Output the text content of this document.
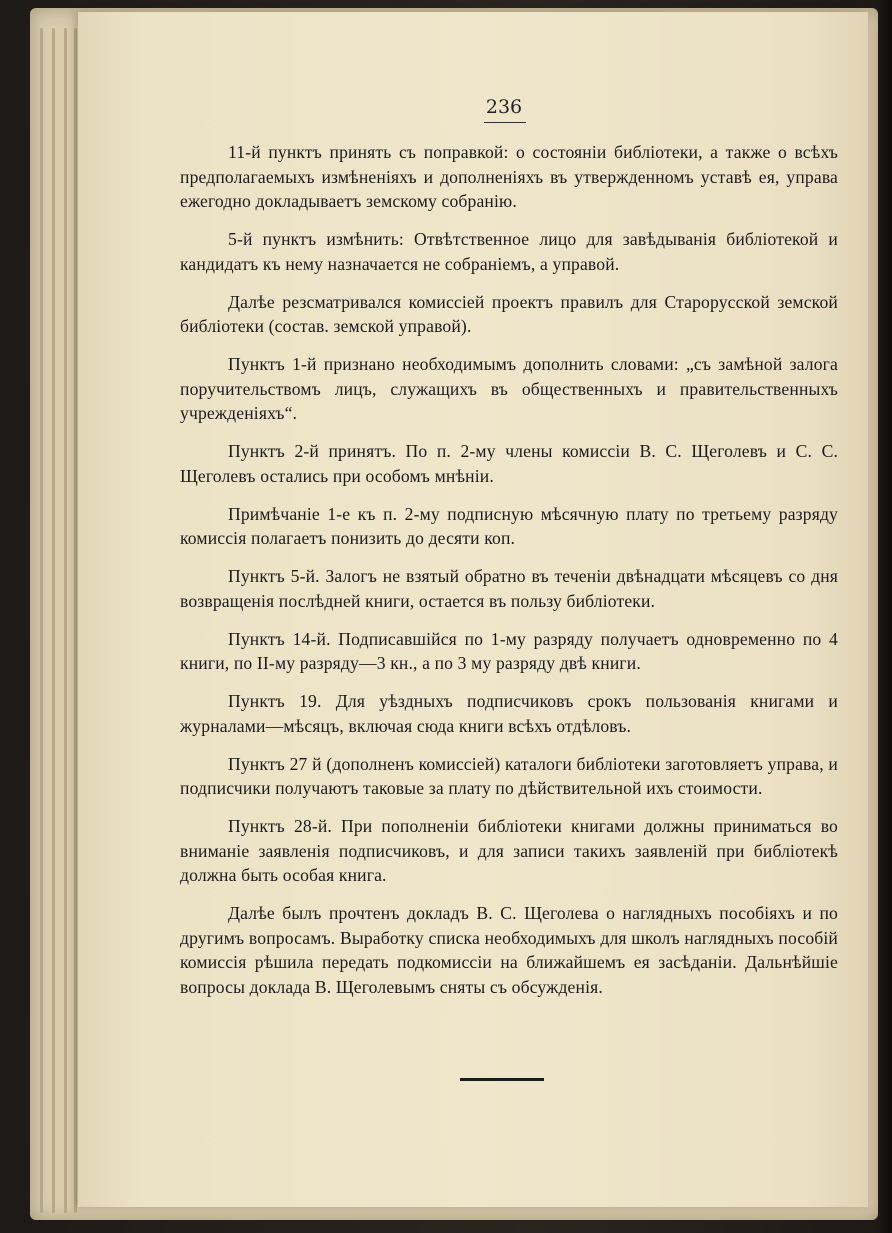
236

11-й пунктъ принять съ поправкой: о состоянiи библiотеки, а также о всѣхъ предполагаемыхъ измѣненiяхъ и дополненiяхъ въ утвержденномъ уставѣ ея, управа ежегодно докладываетъ земскому собранiю.

5-й пунктъ измѣнить: Отвѣтственное лицо для завѣдыванiя библiотекой и кандидатъ къ нему назначается не собранiемъ, а управой.

Далѣе резсматривался комиссiей проектъ правилъ для Старорусской земской библiотеки (состав. земской управой).

Пунктъ 1-й признано необходимымъ дополнить словами: „съ замѣной залога поручительствомъ лицъ, служащихъ въ общественныхъ и правительственныхъ учрежденiяхъ“.

Пунктъ 2-й принятъ. По п. 2-му члены комиссiи В. С. Щеголевъ и С. С. Щеголевъ остались при особомъ мнѣнiи.

Примѣчанiе 1-е къ п. 2-му подписную мѣсячную плату по третьему разряду комиссiя полагаетъ понизить до десяти коп.

Пунктъ 5-й. Залогъ не взятый обратно въ теченiи двѣнадцати мѣсяцевъ со дня возвращенiя послѣдней книги, остается въ пользу библiотеки.

Пунктъ 14-й. Подписавшiйся по 1-му разряду получаетъ одновременно по 4 книги, по II-му разряду—3 кн., а по 3 му разряду двѣ книги.

Пунктъ 19. Для уѣздныхъ подписчиковъ срокъ пользованiя книгами и журналами—мѣсяцъ, включая сюда книги всѣхъ отдѣловъ.

Пунктъ 27 й (дополненъ комиссiей) каталоги библiотеки заготовляетъ управа, и подписчики получаютъ таковые за плату по дѣйствительной ихъ стоимости.

Пунктъ 28-й. При пополненiи библiотеки книгами должны приниматься во вниманiе заявленiя подписчиковъ, и для записи такихъ заявленiй при библiотекѣ должна быть особая книга.

Далѣе былъ прочтенъ докладъ В. С. Щеголева о наглядныхъ пособiяхъ и по другимъ вопросамъ. Выработку списка необходимыхъ для школъ наглядныхъ пособiй комиссiя рѣшила передать подкомиссiи на ближайшемъ ея засѣданiи. Дальнѣйшiе вопросы доклада В. Щеголевымъ сняты съ обсужденiя.
